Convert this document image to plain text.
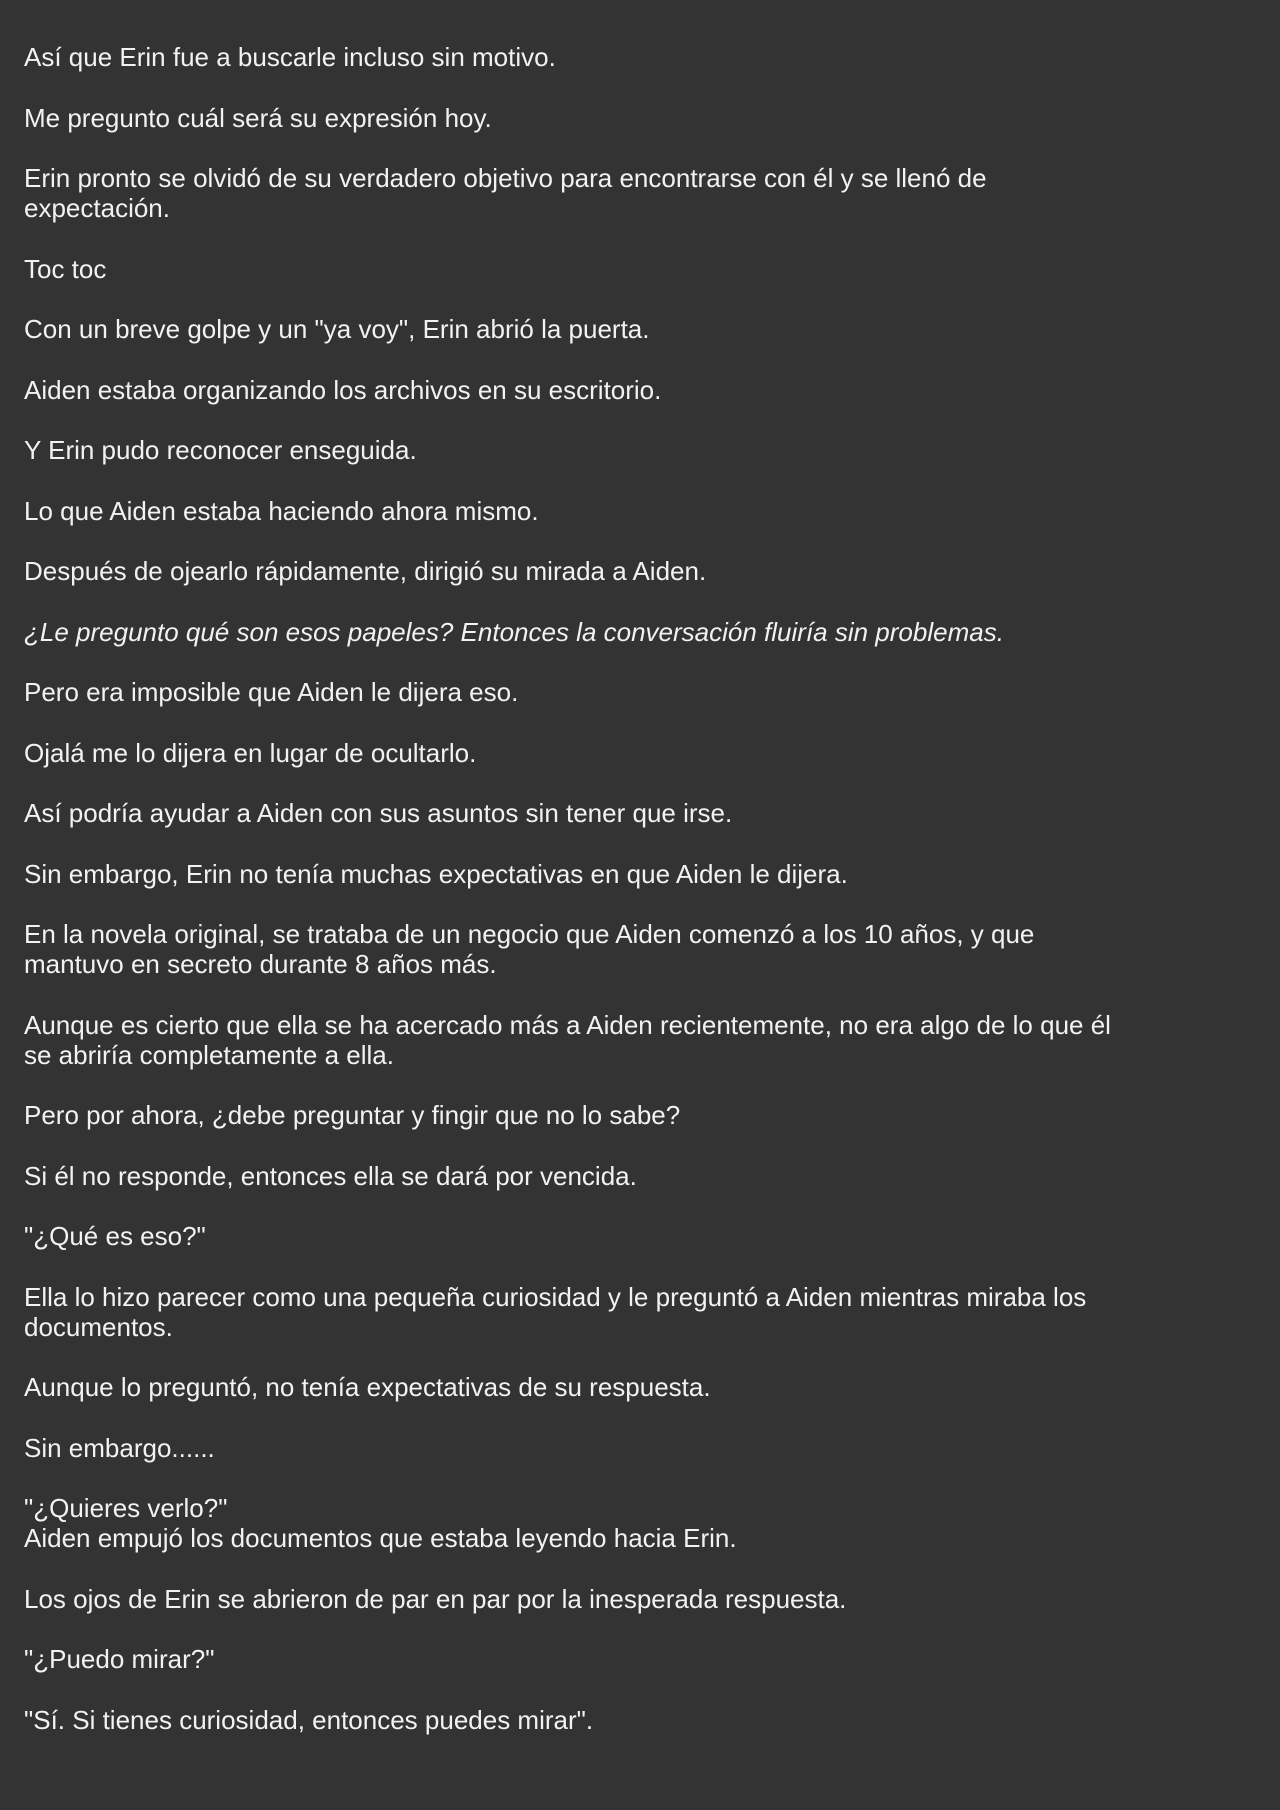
Así que Erin fue a buscarle incluso sin motivo.

Me pregunto cuál será su expresión hoy.

Erin pronto se olvidó de su verdadero objetivo para encontrarse con él y se llenó de
expectación.

Toc toc

Con un breve golpe y un "ya voy", Erin abrió la puerta.

Aiden estaba organizando los archivos en su escritorio.

Y Erin pudo reconocer enseguida.

Lo que Aiden estaba haciendo ahora mismo.

Después de ojearlo rápidamente, dirigió su mirada a Aiden.

¿Le pregunto qué son esos papeles? Entonces la conversación fluiría sin problemas.

Pero era imposible que Aiden le dijera eso.

Ojalá me lo dijera en lugar de ocultarlo.

Así podría ayudar a Aiden con sus asuntos sin tener que irse.

Sin embargo, Erin no tenía muchas expectativas en que Aiden le dijera.

En la novela original, se trataba de un negocio que Aiden comenzó a los 10 años, y que
mantuvo en secreto durante 8 años más.

Aunque es cierto que ella se ha acercado más a Aiden recientemente, no era algo de lo que él
se abriría completamente a ella.

Pero por ahora, ¿debe preguntar y fingir que no lo sabe?

Si él no responde, entonces ella se dará por vencida.

"¿Qué es eso?"

Ella lo hizo parecer como una pequeña curiosidad y le preguntó a Aiden mientras miraba los
documentos.

Aunque lo preguntó, no tenía expectativas de su respuesta.

Sin embargo......

"¿Quieres verlo?"

Aiden empujó los documentos que estaba leyendo hacia Erin.

Los ojos de Erin se abrieron de par en par por la inesperada respuesta.

"¿Puedo mirar?"

"Sí. Si tienes curiosidad, entonces puedes mirar".
